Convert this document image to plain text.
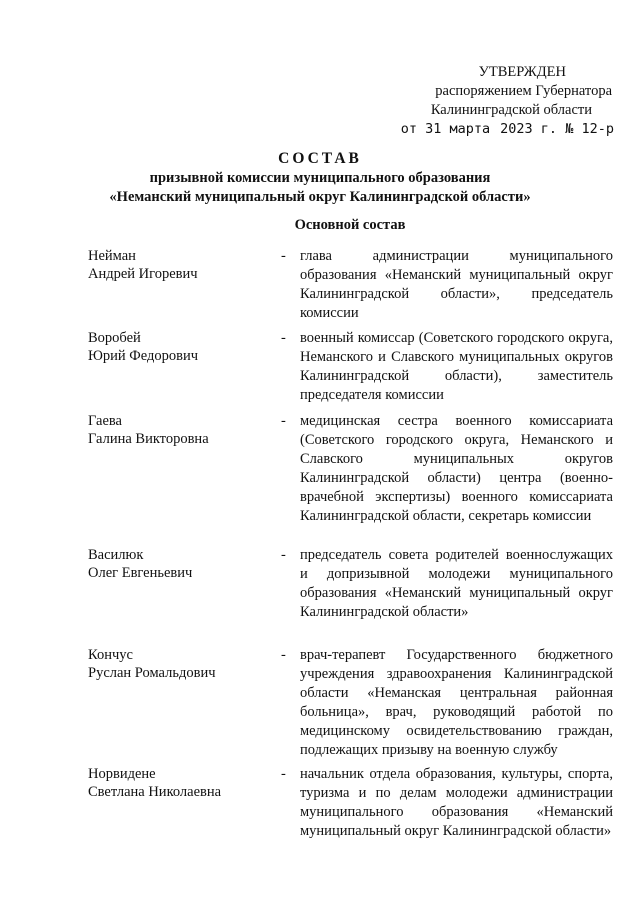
УТВЕРЖДЕН
распоряжением Губернатора
Калининградской области
от 31 марта 2023 г. № 12-р
СОСТАВ
призывной комиссии муниципального образования
«Неманский муниципальный округ Калининградской области»
Основной состав
Нейман
Андрей Игоревич
- глава администрации муниципального образования «Неманский муниципальный округ Калининградской области», председатель комиссии
Воробей
Юрий Федорович
- военный комиссар (Советского городского округа, Неманского и Славского муниципальных округов Калининградской области), заместитель председателя комиссии
Гаева
Галина Викторовна
- медицинская сестра военного комиссариата (Советского городского округа, Неманского и Славского муниципальных округов Калининградской области) центра (военно-врачебной экспертизы) военного комиссариата Калининградской области, секретарь комиссии
Василюк
Олег Евгеньевич
- председатель совета родителей военнослужащих и допризывной молодежи муниципального образования «Неманский муниципальный округ Калининградской области»
Кончус
Руслан Ромальдович
- врач-терапевт Государственного бюджетного учреждения здравоохранения Калининградской области «Неманская центральная районная больница», врач, руководящий работой по медицинскому освидетельствованию граждан, подлежащих призыву на военную службу
Норвидене
Светлана Николаевна
- начальник отдела образования, культуры, спорта, туризма и по делам молодежи администрации муниципального образования «Неманский муниципальный округ Калининградской области»
